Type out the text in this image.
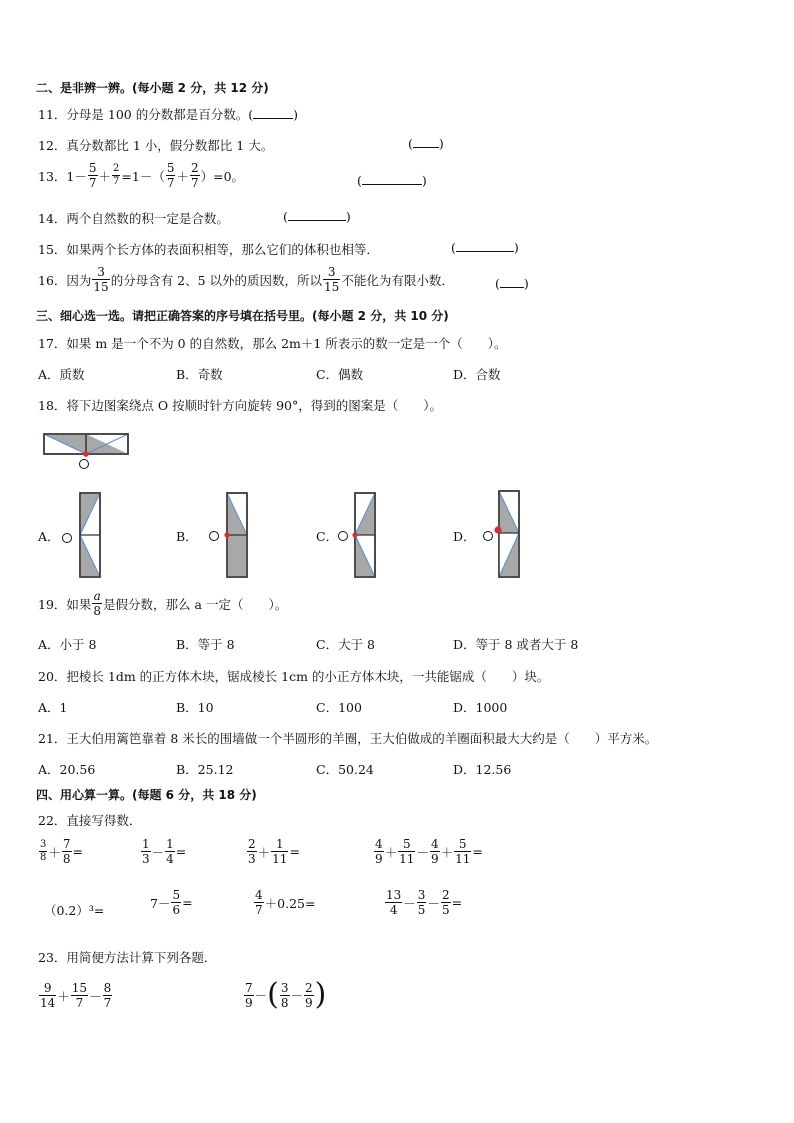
二、是非辨一辨。(每小题 2 分，共 12 分)
11．分母是 100 的分数都是百分数。(	)
12．真分数都比 1 小，假分数都比 1 大。	( )
13．$1- \frac{5}{7} + \frac{2}{7} =1-( \frac{5}{7} + \frac{2}{7} )=0$。	(	)
14．两个自然数的积一定是合数。	(	)
15．如果两个长方体的表面积相等，那么它们的体积也相等．	(	)
16．因为 $\frac{3}{15}$ 的分母含有 2、5 以外的质因数，所以 $\frac{3}{15}$ 不能化为有限小数．	( )
三、细心选一选。请把正确答案的序号填在括号里。(每小题 2 分，共 10 分)
17．如果 m 是一个不为 0 的自然数，那么 2m＋1 所表示的数一定是一个（　　）。
A．质数	B．奇数	C．偶数	D．合数
18．将下边图案绕点 O 按顺时针方向旋转 90°，得到的图案是（　　）。
A．	B．	C．	D．
19．如果 $\frac{a}{8}$ 是假分数，那么 a 一定（　　）。
A．小于 8	B．等于 8	C．大于 8	D．等于 8 或者大于 8
20．把棱长 1dm 的正方体木块，锯成棱长 1cm 的小正方体木块，一共能锯成（　　）块。
A．1	B．10	C．100	D．1000
21．王大伯用篱笆靠着 8 米长的围墙做一个半圆形的羊圈，王大伯做成的羊圈面积最大大约是（　　）平方米。
A．20.56	B．25.12	C．50.24	D．12.56
四、用心算一算。(每题 6 分，共 18 分)
22．直接写得数．
$\frac{3}{8} + \frac{7}{8}$ =	$\frac{1}{3} - \frac{1}{4}$ =	$\frac{2}{3} + \frac{1}{11}$ =	$\frac{4}{9} + \frac{5}{11} - \frac{4}{9} + \frac{5}{11}$ =
（0.2）³=	$7- \frac{5}{6}$ =	$\frac{4}{7} +0.25=$	$\frac{13}{4} - \frac{3}{5} - \frac{2}{5}$ =
23．用简便方法计算下列各题．
$\frac{9}{14} + \frac{15}{7} - \frac{8}{7}$	$\frac{7}{9}$ － ( $\frac{3}{8} - \frac{2}{9}$ )
